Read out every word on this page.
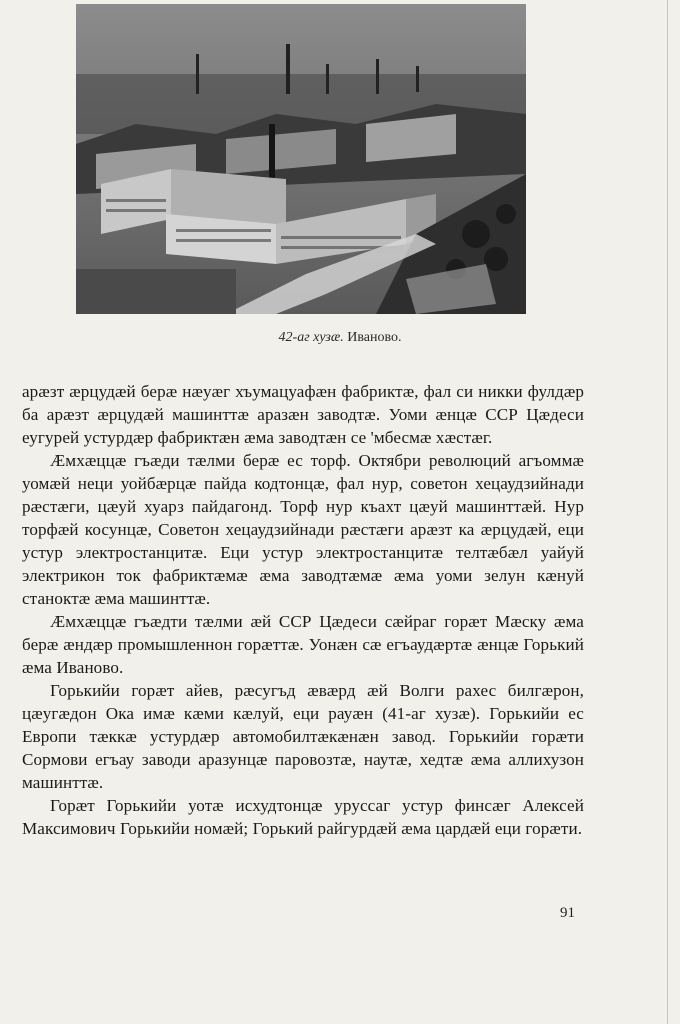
42-аг хузæ. Иваново.

арæзт æрцудæй берæ нæуæг хъумацуафæн фабриктæ, фал си никки фулдæр ба арæзт æрцудæй машинттæ аразæн заводтæ. Уоми æнцæ ССР Цæдеси еугурей устурдæр фабриктæн æма заводтæн се 'мбесмæ хæстæг.

Æмхæццæ гъæди тæлми берæ ес торф. Октябри революций агъоммæ уомæй неци уойбæрцæ пайда кодтонцæ, фал нур, советон хецаудзийнади рæстæги, цæуй хуарз пайдагонд. Торф нур къахт цæуй машинттæй. Нур торфæй косунцæ, Советон хецаудзийнади рæстæги арæзт ка æрцудæй, еци устур электростанцитæ. Еци устур электростанцитæ телтæбæл уайуй электрикон ток фабриктæмæ æма заводтæмæ æма уоми зелун кæнуй станоктæ æма машинттæ.

Æмхæццæ гъæдти тæлми æй ССР Цæдеси сæйраг горæт Мæску æма берæ æндæр промышленнон горæттæ. Уонæн сæ егъаудæртæ æнцæ Горький æма Иваново.

Горькийи горæт айев, рæсугъд æвæрд æй Волги рахес билгæрон, цæугæдон Ока имæ кæми кæлуй, еци рауæн (41-аг хузæ). Горькийи ес Европи тæккæ устурдæр автомобилтæкæнæн завод. Горькийи горæти Сормови егъау заводи аразунцæ паровозтæ, наутæ, хедтæ æма аллихузон машинттæ.

Горæт Горькийи уотæ исхудтонцæ уруссаг устур финсæг Алексей Максимович Горькийи номæй; Горький райгурдæй æма цардæй еци горæти.

91
